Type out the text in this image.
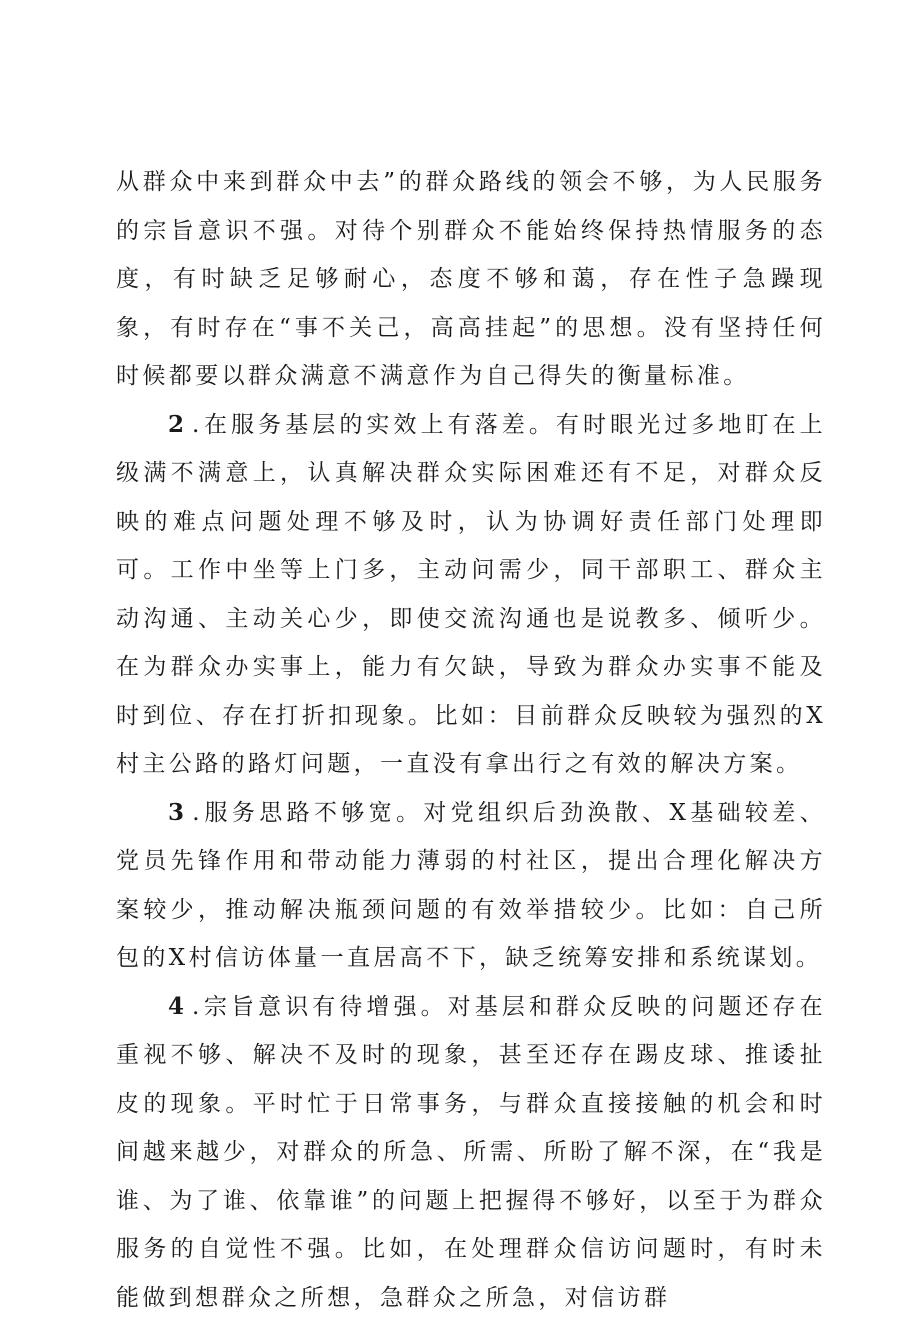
从群众中来到群众中去”的群众路线的领会不够，为人民服务的宗旨意识不强。对待个别群众不能始终保持热情服务的态度，有时缺乏足够耐心，态度不够和蔼，存在性子急躁现象，有时存在“事不关己，高高挂起”的思想。没有坚持任何时候都要以群众满意不满意作为自己得失的衡量标准。

2 . 在服务基层的实效上有落差。有时眼光过多地盯在上级满不满意上，认真解决群众实际困难还有不足，对群众反映的难点问题处理不够及时，认为协调好责任部门处理即可。工作中坐等上门多，主动问需少，同干部职工、群众主动沟通、主动关心少，即使交流沟通也是说教多、倾听少。在为群众办实事上，能力有欠缺，导致为群众办实事不能及时到位、存在打折扣现象。比如：目前群众反映较为强烈的X村主公路的路灯问题，一直没有拿出行之有效的解决方案。

3 . 服务思路不够宽。对党组织后劲涣散、X基础较差、党员先锋作用和带动能力薄弱的村社区，提出合理化解决方案较少，推动解决瓶颈问题的有效举措较少。比如：自己所包的X村信访体量一直居高不下，缺乏统筹安排和系统谋划。

4 . 宗旨意识有待增强。对基层和群众反映的问题还存在重视不够、解决不及时的现象，甚至还存在踢皮球、推诿扯皮的现象。平时忙于日常事务，与群众直接接触的机会和时间越来越少，对群众的所急、所需、所盼了解不深，在“我是谁、为了谁、依靠谁”的问题上把握得不够好，以至于为群众服务的自觉性不强。比如，在处理群众信访问题时，有时未能做到想群众之所想，急群众之所急，对信访群
